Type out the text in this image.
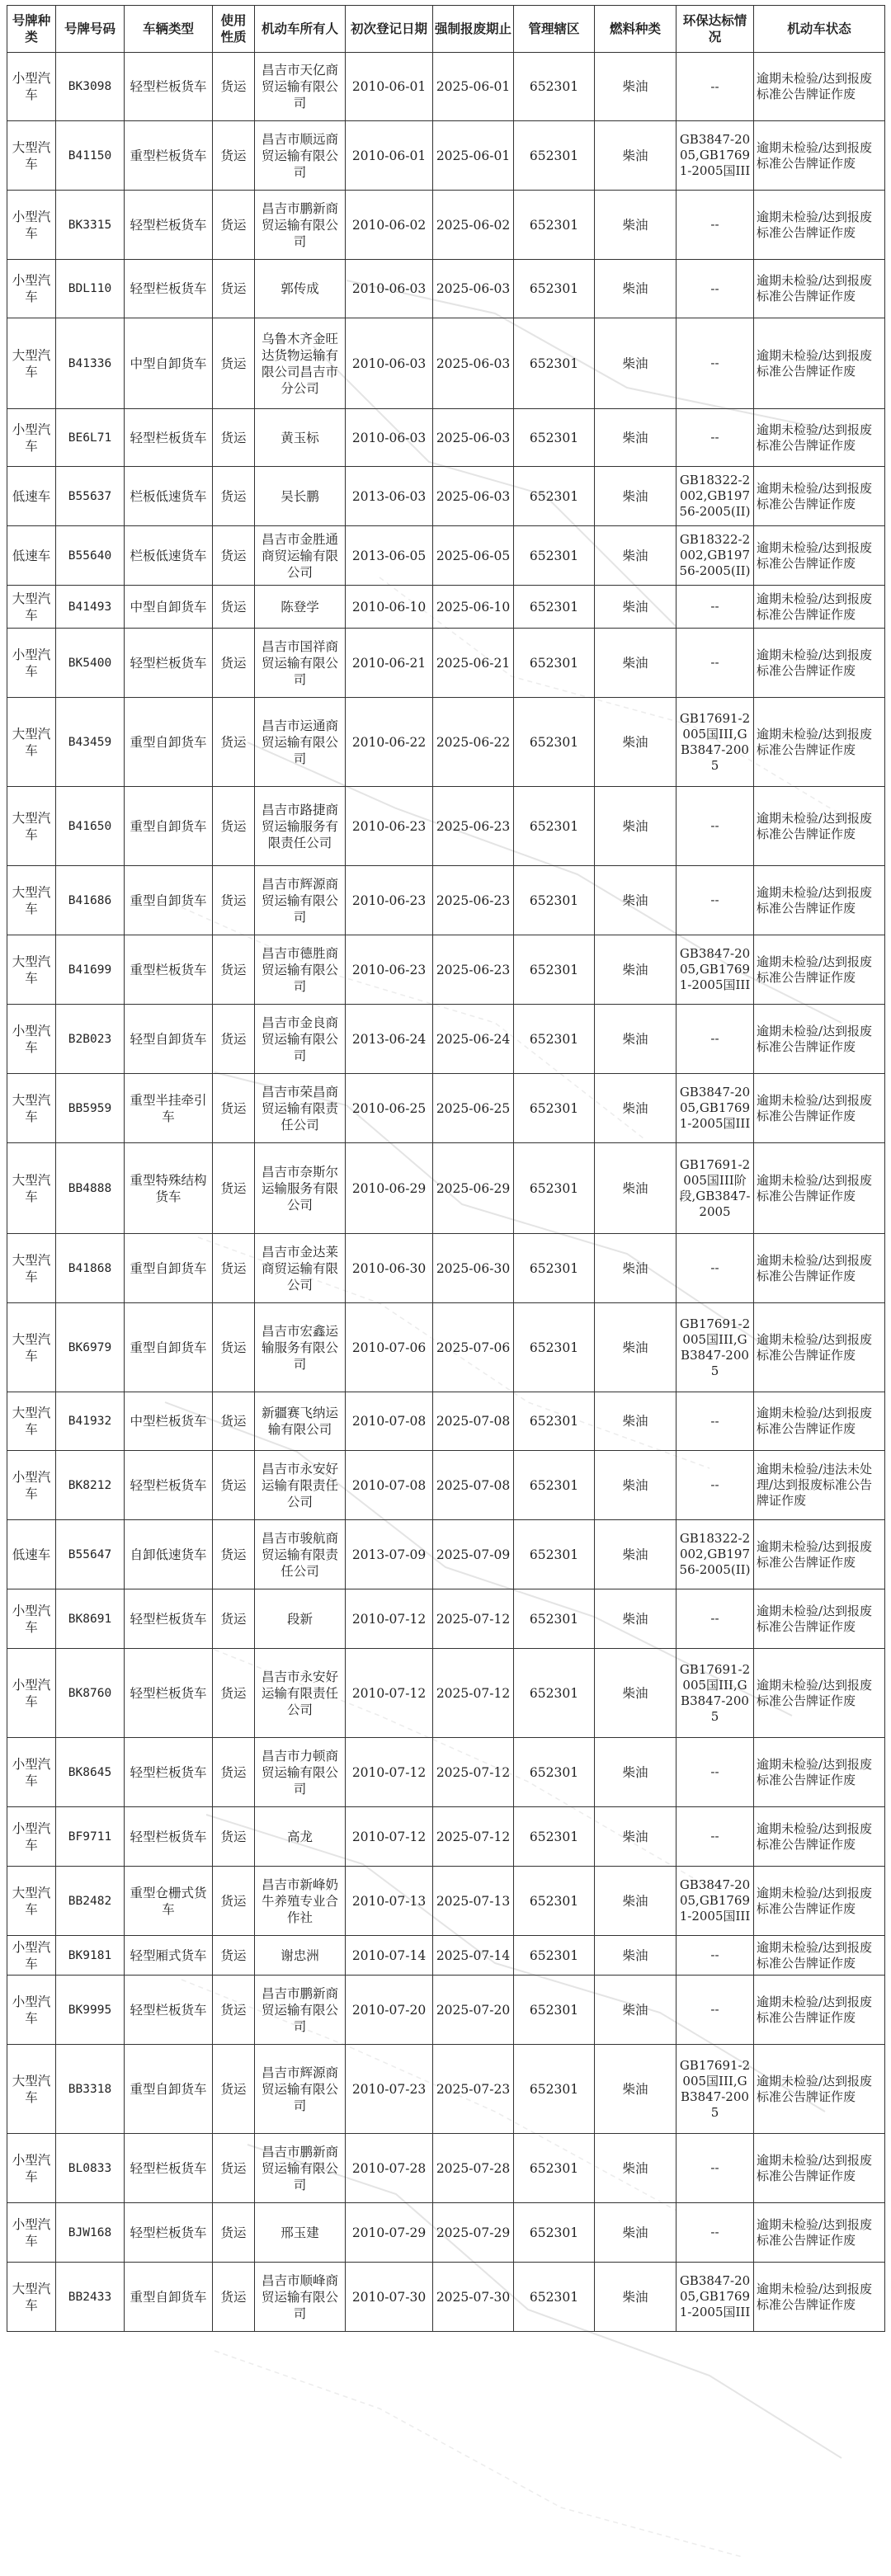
号牌种类	号牌号码	车辆类型	使用性质	机动车所有人	初次登记日期	强制报废期止	管理辖区	燃料种类	环保达标情况	机动车状态
小型汽车	BK3098	轻型栏板货车	货运	昌吉市天亿商贸运输有限公司	2010-06-01	2025-06-01	652301	柴油	--	逾期未检验/达到报废标准公告牌证作废
大型汽车	B41150	重型栏板货车	货运	昌吉市顺远商贸运输有限公司	2010-06-01	2025-06-01	652301	柴油	GB3847-2005,GB17691-2005国III	逾期未检验/达到报废标准公告牌证作废
小型汽车	BK3315	轻型栏板货车	货运	昌吉市鹏新商贸运输有限公司	2010-06-02	2025-06-02	652301	柴油	--	逾期未检验/达到报废标准公告牌证作废
小型汽车	BDL110	轻型栏板货车	货运	郭传成	2010-06-03	2025-06-03	652301	柴油	--	逾期未检验/达到报废标准公告牌证作废
大型汽车	B41336	中型自卸货车	货运	乌鲁木齐金旺达货物运输有限公司昌吉市分公司	2010-06-03	2025-06-03	652301	柴油	--	逾期未检验/达到报废标准公告牌证作废
小型汽车	BE6L71	轻型栏板货车	货运	黄玉标	2010-06-03	2025-06-03	652301	柴油	--	逾期未检验/达到报废标准公告牌证作废
低速车	B55637	栏板低速货车	货运	吴长鹏	2013-06-03	2025-06-03	652301	柴油	GB18322-2002,GB19756-2005(II)	逾期未检验/达到报废标准公告牌证作废
低速车	B55640	栏板低速货车	货运	昌吉市金胜通商贸运输有限公司	2013-06-05	2025-06-05	652301	柴油	GB18322-2002,GB19756-2005(II)	逾期未检验/达到报废标准公告牌证作废
大型汽车	B41493	中型自卸货车	货运	陈登学	2010-06-10	2025-06-10	652301	柴油	--	逾期未检验/达到报废标准公告牌证作废
小型汽车	BK5400	轻型栏板货车	货运	昌吉市国祥商贸运输有限公司	2010-06-21	2025-06-21	652301	柴油	--	逾期未检验/达到报废标准公告牌证作废
大型汽车	B43459	重型自卸货车	货运	昌吉市运通商贸运输有限公司	2010-06-22	2025-06-22	652301	柴油	GB17691-2005国III,GB3847-2005	逾期未检验/达到报废标准公告牌证作废
大型汽车	B41650	重型自卸货车	货运	昌吉市路捷商贸运输服务有限责任公司	2010-06-23	2025-06-23	652301	柴油	--	逾期未检验/达到报废标准公告牌证作废
大型汽车	B41686	重型自卸货车	货运	昌吉市辉源商贸运输有限公司	2010-06-23	2025-06-23	652301	柴油	--	逾期未检验/达到报废标准公告牌证作废
大型汽车	B41699	重型栏板货车	货运	昌吉市德胜商贸运输有限公司	2010-06-23	2025-06-23	652301	柴油	GB3847-2005,GB17691-2005国III	逾期未检验/达到报废标准公告牌证作废
小型汽车	B2B023	轻型自卸货车	货运	昌吉市金良商贸运输有限公司	2013-06-24	2025-06-24	652301	柴油	--	逾期未检验/达到报废标准公告牌证作废
大型汽车	BB5959	重型半挂牵引车	货运	昌吉市荣昌商贸运输有限责任公司	2010-06-25	2025-06-25	652301	柴油	GB3847-2005,GB17691-2005国III	逾期未检验/达到报废标准公告牌证作废
大型汽车	BB4888	重型特殊结构货车	货运	昌吉市奈斯尔运输服务有限公司	2010-06-29	2025-06-29	652301	柴油	GB17691-2005国III阶段,GB3847-2005	逾期未检验/达到报废标准公告牌证作废
大型汽车	B41868	重型自卸货车	货运	昌吉市金达莱商贸运输有限公司	2010-06-30	2025-06-30	652301	柴油	--	逾期未检验/达到报废标准公告牌证作废
大型汽车	BK6979	重型自卸货车	货运	昌吉市宏鑫运输服务有限公司	2010-07-06	2025-07-06	652301	柴油	GB17691-2005国III,GB3847-2005	逾期未检验/达到报废标准公告牌证作废
大型汽车	B41932	中型栏板货车	货运	新疆赛飞纳运输有限公司	2010-07-08	2025-07-08	652301	柴油	--	逾期未检验/达到报废标准公告牌证作废
小型汽车	BK8212	轻型栏板货车	货运	昌吉市永安好运输有限责任公司	2010-07-08	2025-07-08	652301	柴油	--	逾期未检验/违法未处理/达到报废标准公告牌证作废
低速车	B55647	自卸低速货车	货运	昌吉市骏航商贸运输有限责任公司	2013-07-09	2025-07-09	652301	柴油	GB18322-2002,GB19756-2005(II)	逾期未检验/达到报废标准公告牌证作废
小型汽车	BK8691	轻型栏板货车	货运	段新	2010-07-12	2025-07-12	652301	柴油	--	逾期未检验/达到报废标准公告牌证作废
小型汽车	BK8760	轻型栏板货车	货运	昌吉市永安好运输有限责任公司	2010-07-12	2025-07-12	652301	柴油	GB17691-2005国III,GB3847-2005	逾期未检验/达到报废标准公告牌证作废
小型汽车	BK8645	轻型栏板货车	货运	昌吉市力顿商贸运输有限公司	2010-07-12	2025-07-12	652301	柴油	--	逾期未检验/达到报废标准公告牌证作废
小型汽车	BF9711	轻型栏板货车	货运	高龙	2010-07-12	2025-07-12	652301	柴油	--	逾期未检验/达到报废标准公告牌证作废
大型汽车	BB2482	重型仓栅式货车	货运	昌吉市新峰奶牛养殖专业合作社	2010-07-13	2025-07-13	652301	柴油	GB3847-2005,GB17691-2005国III	逾期未检验/达到报废标准公告牌证作废
小型汽车	BK9181	轻型厢式货车	货运	谢忠洲	2010-07-14	2025-07-14	652301	柴油	--	逾期未检验/达到报废标准公告牌证作废
小型汽车	BK9995	轻型栏板货车	货运	昌吉市鹏新商贸运输有限公司	2010-07-20	2025-07-20	652301	柴油	--	逾期未检验/达到报废标准公告牌证作废
大型汽车	BB3318	重型自卸货车	货运	昌吉市辉源商贸运输有限公司	2010-07-23	2025-07-23	652301	柴油	GB17691-2005国III,GB3847-2005	逾期未检验/达到报废标准公告牌证作废
小型汽车	BL0833	轻型栏板货车	货运	昌吉市鹏新商贸运输有限公司	2010-07-28	2025-07-28	652301	柴油	--	逾期未检验/达到报废标准公告牌证作废
小型汽车	BJW168	轻型栏板货车	货运	邢玉建	2010-07-29	2025-07-29	652301	柴油	--	逾期未检验/达到报废标准公告牌证作废
大型汽车	BB2433	重型自卸货车	货运	昌吉市顺峰商贸运输有限公司	2010-07-30	2025-07-30	652301	柴油	GB3847-2005,GB17691-2005国III	逾期未检验/达到报废标准公告牌证作废
